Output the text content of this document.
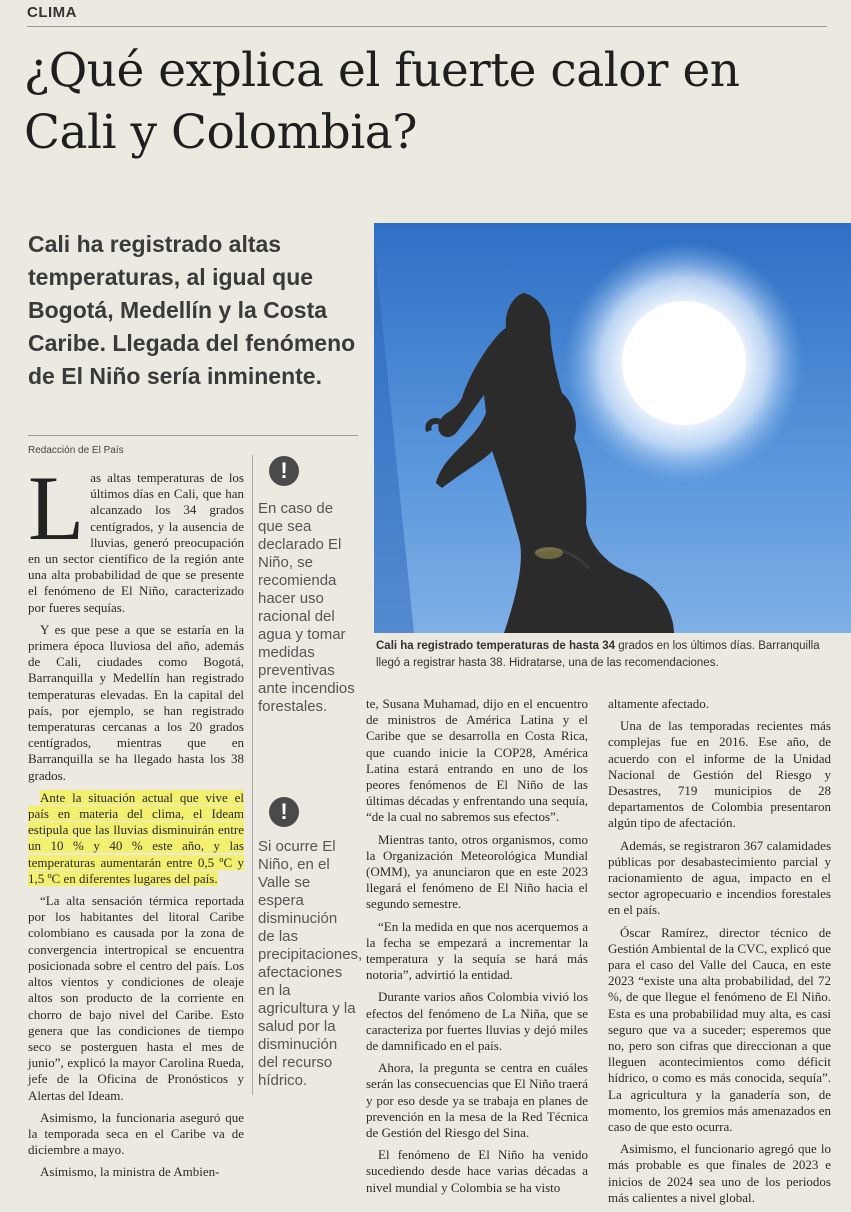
CLIMA
¿Qué explica el fuerte calor en Cali y Colombia?
Cali ha registrado altas temperaturas, al igual que Bogotá, Medellín y la Costa Caribe. Llegada del fenómeno de El Niño sería inminente.
Redacción de El País
Cali ha registrado temperaturas de hasta 34 grados en los últimos días. Barranquilla llegó a registrar hasta 38. Hidratarse, una de las recomendaciones.

Las altas temperaturas de los últimos días en Cali, que han alcanzado los 34 grados centígrados, y la ausencia de lluvias, generó preocupación en un sector científico de la región ante una alta probabilidad de que se presente el fenómeno de El Niño, caracterizado por fueres sequías.

Y es que pese a que se estaría en la primera época lluviosa del año, además de Cali, ciudades como Bogotá, Barranquilla y Medellín han registrado temperaturas elevadas. En la capital del país, por ejemplo, se han registrado temperaturas cercanas a los 20 grados centígrados, mientras que en Barranquilla se ha llegado hasta los 38 grados.

Ante la situación actual que vive el país en materia del clima, el Ideam estipula que las lluvias disminuirán entre un 10 % y 40 % este año, y las temperaturas aumentarán entre 0,5 ºC y 1,5 ºC en diferentes lugares del país.

“La alta sensación térmica reportada por los habitantes del litoral Caribe colombiano es causada por la zona de convergencia intertropical se encuentra posicionada sobre el centro del país. Los altos vientos y condiciones de oleaje altos son producto de la corriente en chorro de bajo nivel del Caribe. Esto genera que las condiciones de tiempo seco se posterguen hasta el mes de junio”, explicó la mayor Carolina Rueda, jefe de la Oficina de Pronósticos y Alertas del Ideam.

Asimismo, la funcionaria aseguró que la temporada seca en el Caribe va de diciembre a mayo.

Asimismo, la ministra de Ambien-

!
En caso de que sea declarado El Niño, se recomienda hacer uso racional del agua y tomar medidas preventivas ante incendios forestales.
!
Si ocurre El Niño, en el Valle se espera disminución de las precipitaciones, afectaciones en la agricultura y la salud por la disminución del recurso hídrico.

te, Susana Muhamad, dijo en el encuentro de ministros de América Latina y el Caribe que se desarrolla en Costa Rica, que cuando inicie la COP28, América Latina estará entrando en uno de los peores fenómenos de El Niño de las últimas décadas y enfrentando una sequía, “de la cual no sabremos sus efectos”.

Mientras tanto, otros organismos, como la Organización Meteorológica Mundial (OMM), ya anunciaron que en este 2023 llegará el fenómeno de El Niño hacia el segundo semestre.

“En la medida en que nos acerquemos a la fecha se empezará a incrementar la temperatura y la sequía se hará más notoria”, advirtió la entidad.

Durante varios años Colombia vivió los efectos del fenómeno de La Niña, que se caracteriza por fuertes lluvias y dejó miles de damnificado en el país.

Ahora, la pregunta se centra en cuáles serán las consecuencias que El Niño traerá y por eso desde ya se trabaja en planes de prevención en la mesa de la Red Técnica de Gestión del Riesgo del Sina.

El fenómeno de El Niño ha venido sucediendo desde hace varias décadas a nivel mundial y Colombia se ha visto

altamente afectado.

Una de las temporadas recientes más complejas fue en 2016. Ese año, de acuerdo con el informe de la Unidad Nacional de Gestión del Riesgo y Desastres, 719 municipios de 28 departamentos de Colombia presentaron algún tipo de afectación.

Además, se registraron 367 calamidades públicas por desabastecimiento parcial y racionamiento de agua, impacto en el sector agropecuario e incendios forestales en el país.

Óscar Ramírez, director técnico de Gestión Ambiental de la CVC, explicó que para el caso del Valle del Cauca, en este 2023 “existe una alta probabilidad, del 72 %, de que llegue el fenómeno de El Niño. Esta es una probabilidad muy alta, es casi seguro que va a suceder; esperemos que no, pero son cifras que direccionan a que lleguen acontecimientos como déficit hídrico, o como es más conocida, sequía”. La agricultura y la ganadería son, de momento, los gremios más amenazados en caso de que esto ocurra.

Asimismo, el funcionario agregó que lo más probable es que finales de 2023 e inicios de 2024 sea uno de los periodos más calientes a nivel global.
